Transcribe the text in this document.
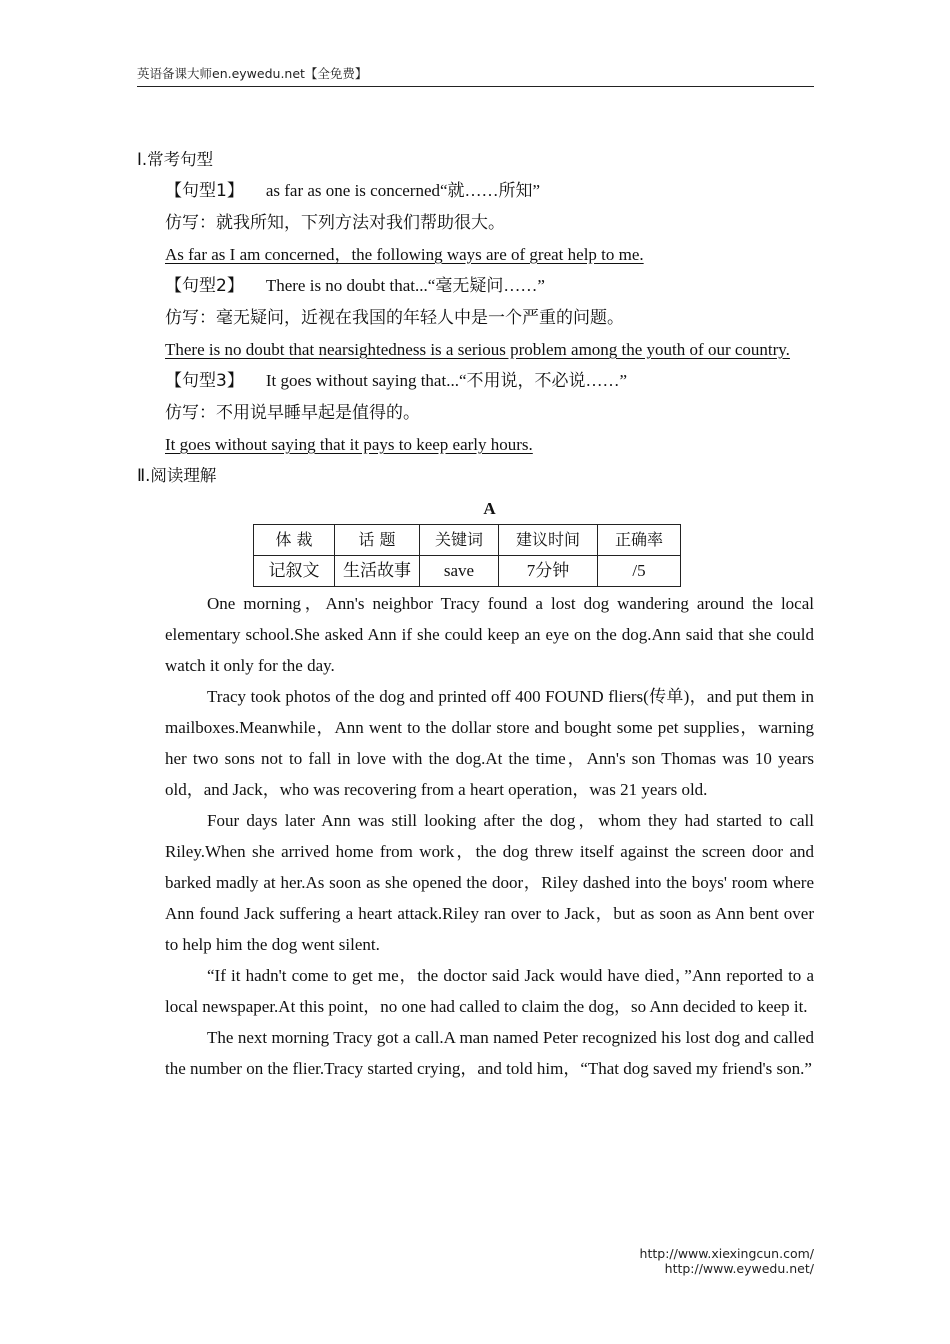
英语备课大师en.eywedu.net【全免费】

Ⅰ.常考句型

【句型1】 as far as one is concerned“就……所知”

仿写：就我所知，下列方法对我们帮助很大。

As far as I am concerned，the following ways are of great help to me.

【句型2】 There is no doubt that...“毫无疑问……”

仿写：毫无疑问，近视在我国的年轻人中是一个严重的问题。

There is no doubt that nearsightedness is a serious problem among the youth of our country.

【句型3】 It goes without saying that...“不用说，不必说……”

仿写：不用说早睡早起是值得的。

It goes without saying that it pays to keep early hours.

Ⅱ.阅读理解

A

体 裁	话 题	关键词	建议时间	正确率
记叙文	生活故事	save	7分钟	/5

One morning，Ann's neighbor Tracy found a lost dog wandering around the local elementary school.She asked Ann if she could keep an eye on the dog.Ann said that she could watch it only for the day.

Tracy took photos of the dog and printed off 400 FOUND fliers(传单)，and put them in mailboxes.Meanwhile，Ann went to the dollar store and bought some pet supplies，warning her two sons not to fall in love with the dog.At the time，Ann's son Thomas was 10 years old，and Jack，who was recovering from a heart operation，was 21 years old.

Four days later Ann was still looking after the dog，whom they had started to call Riley.When she arrived home from work，the dog threw itself against the screen door and barked madly at her.As soon as she opened the door，Riley dashed into the boys' room where Ann found Jack suffering a heart attack.Riley ran over to Jack，but as soon as Ann bent over to help him the dog went silent.

“If it hadn't come to get me，the doctor said Jack would have died，”Ann reported to a local newspaper.At this point，no one had called to claim the dog，so Ann decided to keep it.

The next morning Tracy got a call.A man named Peter recognized his lost dog and called the number on the flier.Tracy started crying，and told him，“That dog saved my friend's son.”

http://www.xiexingcun.com/ http://www.eywedu.net/
